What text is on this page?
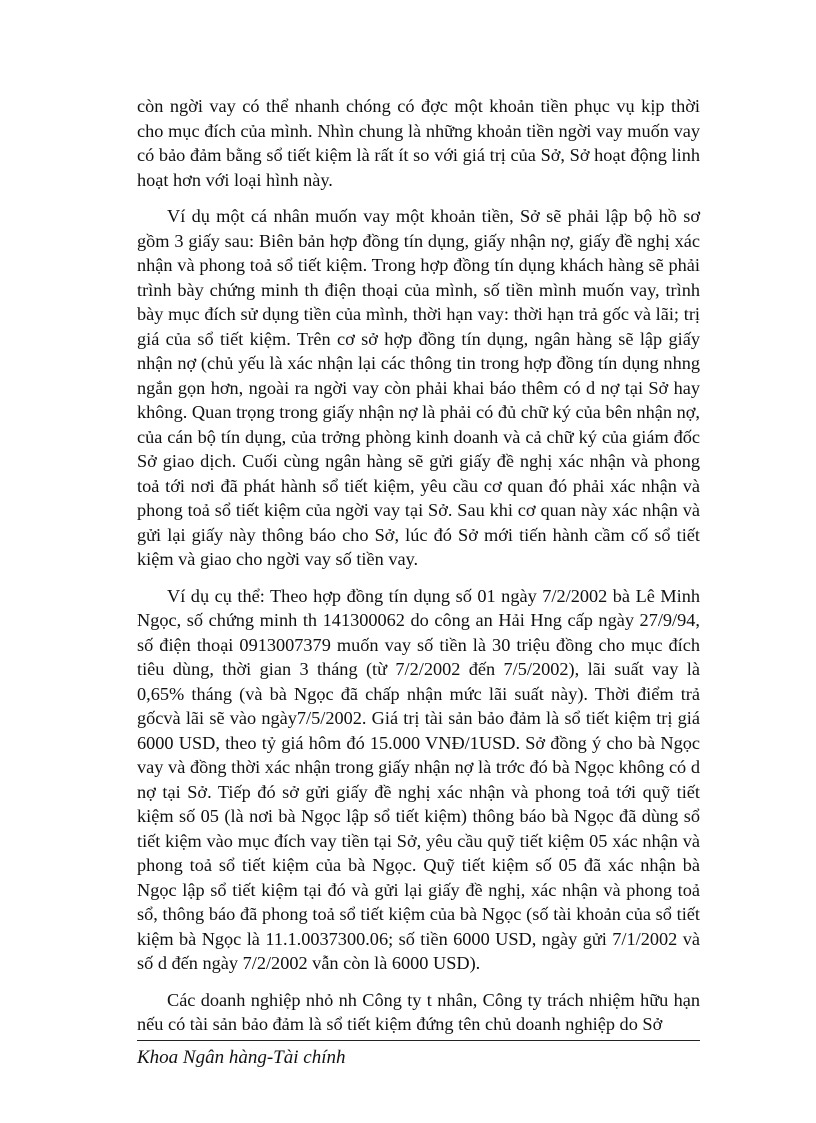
còn ngời vay có thể nhanh chóng có đợc một khoản tiền phục vụ kịp thời cho mục đích của mình. Nhìn chung là những khoản tiền ngời vay muốn vay có bảo đảm bằng sổ tiết kiệm là rất ít so với giá trị của Sở, Sở hoạt động linh hoạt hơn với loại hình này.

Ví dụ một cá nhân muốn vay một khoản tiền, Sở sẽ phải lập bộ hồ sơ gồm 3 giấy sau: Biên bản hợp đồng tín dụng, giấy nhận nợ, giấy đề nghị xác nhận và phong toả sổ tiết kiệm. Trong hợp đồng tín dụng khách hàng sẽ phải trình bày chứng minh th điện thoại của mình, số tiền mình muốn vay, trình bày mục đích sử dụng tiền của mình, thời hạn vay: thời hạn trả gốc và lãi; trị giá của sổ tiết kiệm. Trên cơ sở hợp đồng tín dụng, ngân hàng sẽ lập giấy nhận nợ (chủ yếu là xác nhận lại các thông tin trong hợp đồng tín dụng nhng ngắn gọn hơn, ngoài ra ngời vay còn phải khai báo thêm có d nợ tại Sở hay không. Quan trọng trong giấy nhận nợ là phải có đủ chữ ký của bên nhận nợ, của cán bộ tín dụng, của trởng phòng kinh doanh và cả chữ ký của giám đốc Sở giao dịch. Cuối cùng ngân hàng sẽ gửi giấy đề nghị xác nhận và phong toả tới nơi đã phát hành sổ tiết kiệm, yêu cầu cơ quan đó phải xác nhận và phong toả sổ tiết kiệm của ngời vay tại Sở. Sau khi cơ quan này xác nhận và gửi lại giấy này thông báo cho Sở, lúc đó Sở mới tiến hành cầm cố sổ tiết kiệm và giao cho ngời vay số tiền vay.

Ví dụ cụ thể: Theo hợp đồng tín dụng số 01 ngày 7/2/2002 bà Lê Minh Ngọc, số chứng minh th 141300062 do công an Hải Hng cấp ngày 27/9/94, số điện thoại 0913007379 muốn vay số tiền là 30 triệu đồng cho mục đích tiêu dùng, thời gian 3 tháng (từ 7/2/2002 đến 7/5/2002), lãi suất vay là 0,65% tháng (và bà Ngọc đã chấp nhận mức lãi suất này). Thời điểm trả gốcvà lãi sẽ vào ngày7/5/2002. Giá trị tài sản bảo đảm là sổ tiết kiệm trị giá 6000 USD, theo tỷ giá hôm đó 15.000 VNĐ/1USD. Sở đồng ý cho bà Ngọc vay và đồng thời xác nhận trong giấy nhận nợ là trớc đó bà Ngọc không có d nợ tại Sở. Tiếp đó sở gửi giấy đề nghị xác nhận và phong toả tới quỹ tiết kiệm số 05 (là nơi bà Ngọc lập sổ tiết kiệm) thông báo bà Ngọc đã dùng sổ tiết kiệm vào mục đích vay tiền tại Sở, yêu cầu quỹ tiết kiệm 05 xác nhận và phong toả sổ tiết kiệm của bà Ngọc. Quỹ tiết kiệm số 05 đã xác nhận bà Ngọc lập sổ tiết kiệm tại đó và gửi lại giấy đề nghị, xác nhận và phong toả sổ, thông báo đã phong toả sổ tiết kiệm của bà Ngọc (số tài khoản của sổ tiết kiệm bà Ngọc là 11.1.0037300.06; số tiền 6000 USD, ngày gửi 7/1/2002 và số d đến ngày 7/2/2002 vẫn còn là 6000 USD).

Các doanh nghiệp nhỏ nh Công ty t nhân, Công ty trách nhiệm hữu hạn nếu có tài sản bảo đảm là sổ tiết kiệm đứng tên chủ doanh nghiệp do Sở

Khoa Ngân hàng-Tài chính
